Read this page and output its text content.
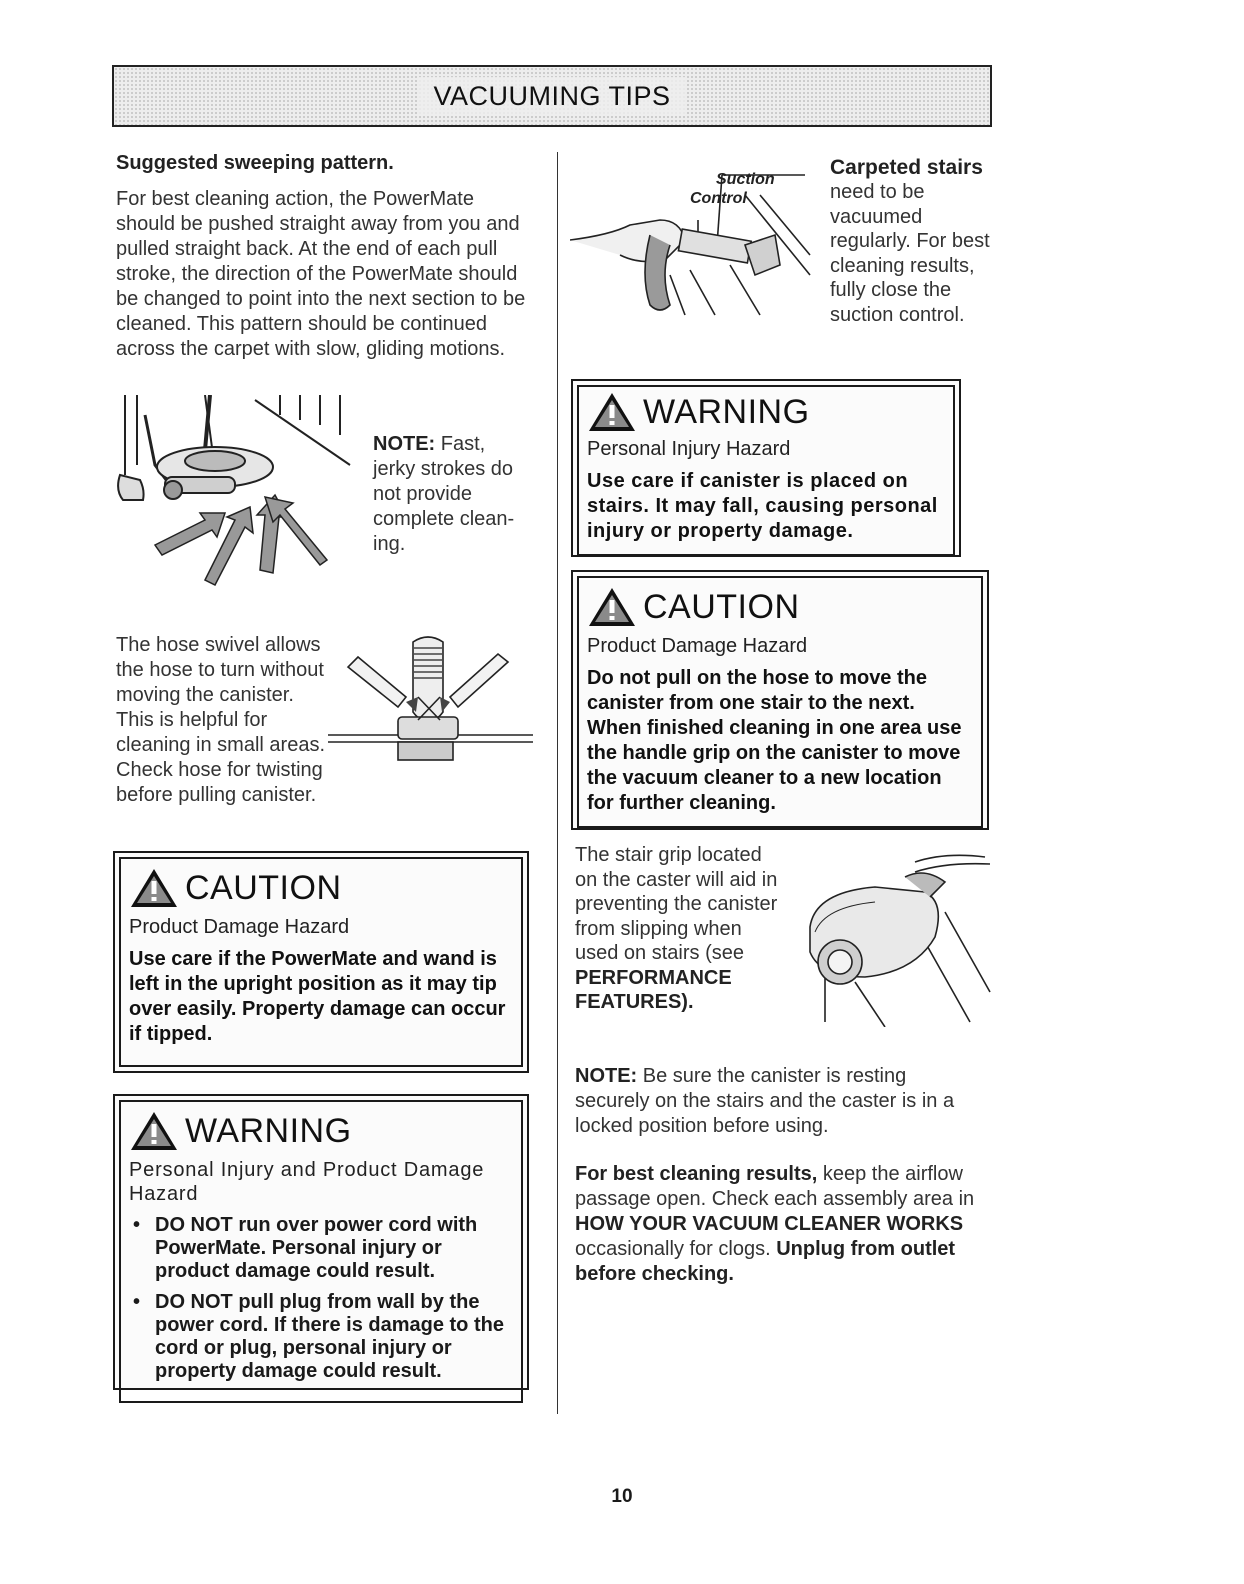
VACUUMING TIPS
Suggested sweeping pattern.
For best cleaning action, the PowerMate should be pushed straight away from you and pulled straight back. At the end of each pull stroke, the direction of the PowerMate should be changed to point into the next section to be cleaned. This pattern should be continued across the carpet with slow, gliding motions.
NOTE: Fast, jerky strokes do not provide complete clean-ing.
The hose swivel allows the hose to turn without moving the canister. This is helpful for cleaning in small areas. Check hose for twisting before pulling canister.
CAUTION
Product Damage Hazard
Use care if the PowerMate and wand is left in the upright position as it may tip over easily. Property damage can occur if tipped.
WARNING
Personal Injury and Product Damage Hazard
• DO NOT run over power cord with PowerMate. Personal injury or product damage could result.
• DO NOT pull plug from wall by the power cord. If there is damage to the cord or plug, personal injury or property damage could result.
Suction
Control
Carpeted stairs
need to be vacuumed regularly. For best cleaning results, fully close the suction control.
WARNING
Personal Injury Hazard
Use care if canister is placed on stairs. It may fall, causing personal injury or property damage.
CAUTION
Product Damage Hazard
Do not pull on the hose to move the canister from one stair to the next. When finished cleaning in one area use the handle grip on the canister to move the vacuum cleaner to a new location for further cleaning.
The stair grip located on the caster will aid in preventing the canister from slipping when used on stairs (see PERFORMANCE FEATURES).
NOTE: Be sure the canister is resting securely on the stairs and the caster is in a locked position before using.
For best cleaning results, keep the airflow passage open. Check each assembly area in HOW YOUR VACUUM CLEANER WORKS occasionally for clogs. Unplug from outlet before checking.
10
